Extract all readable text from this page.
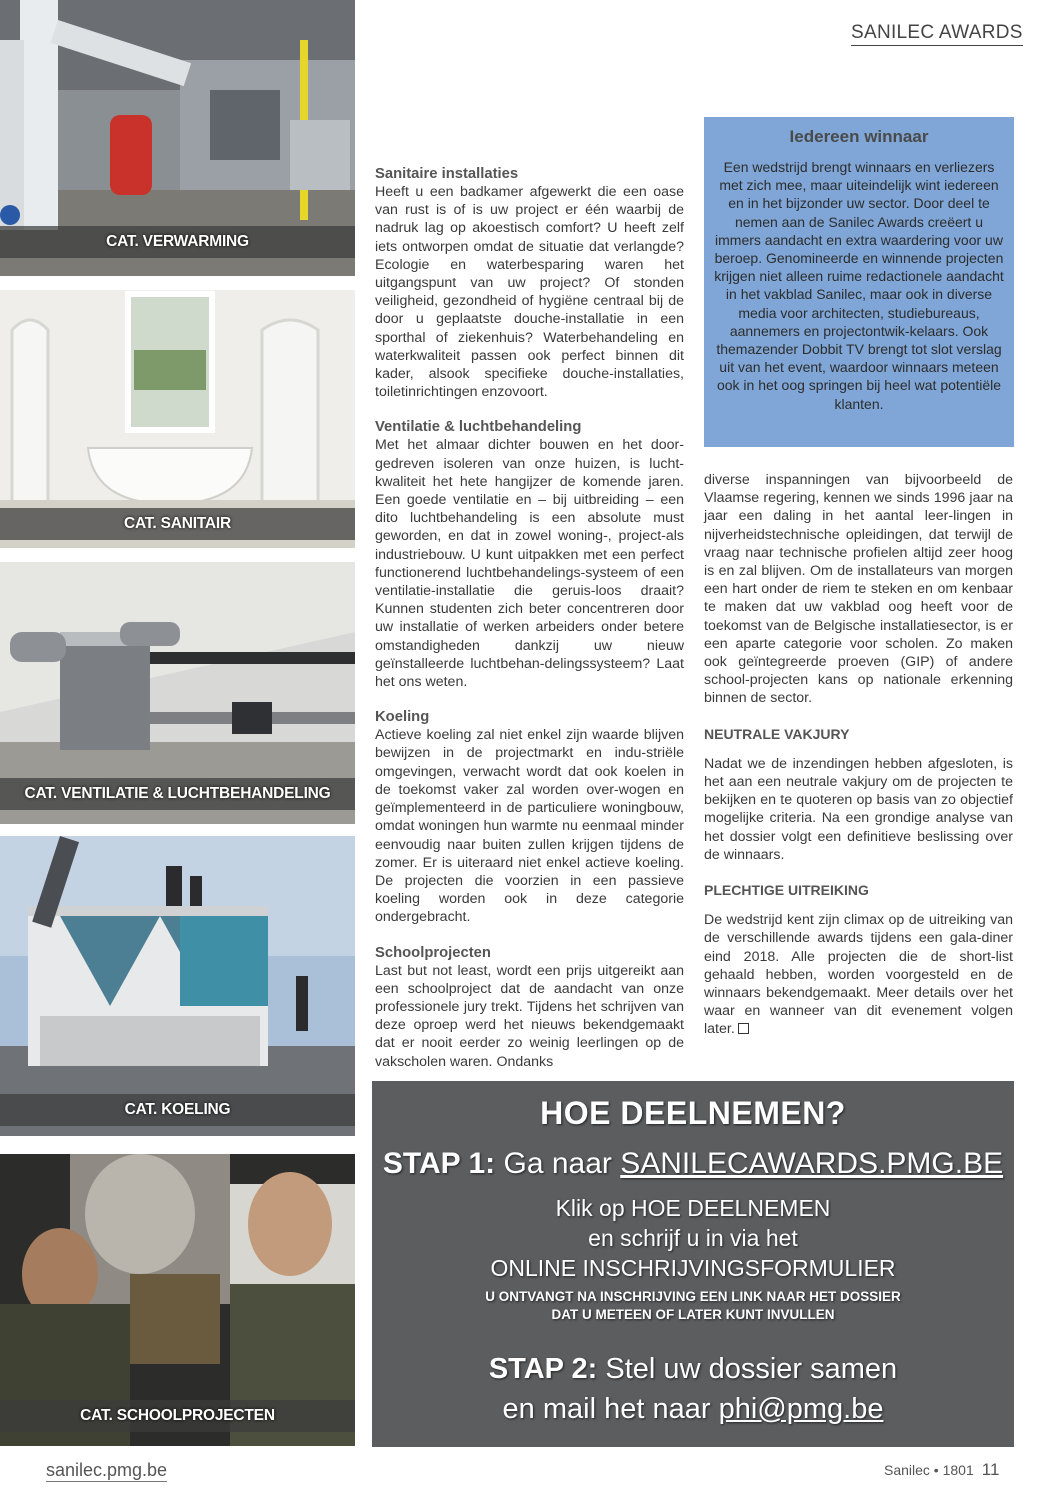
SANILEC AWARDS
CAT. VERWARMING
CAT. SANITAIR
CAT. VENTILATIE & LUCHTBEHANDELING
CAT. KOELING
CAT. SCHOOLPROJECTEN
Sanitaire installaties

Heeft u een badkamer afgewerkt die een oase van rust is of is uw project er één waarbij de nadruk lag op akoestisch comfort? U heeft zelf iets ontworpen omdat de situatie dat verlangde? Ecologie en waterbesparing waren het uitgangspunt van uw project? Of stonden veiligheid, gezondheid of hygiëne centraal bij de door u geplaatste douche-installatie in een sporthal of ziekenhuis? Waterbehandeling en waterkwaliteit passen ook perfect binnen dit kader, alsook specifieke douche-installaties, toiletinrichtingen enzovoort.

Ventilatie & luchtbehandeling

Met het almaar dichter bouwen en het door-gedreven isoleren van onze huizen, is lucht-kwaliteit het hete hangijzer de komende jaren. Een goede ventilatie en – bij uitbreiding – een dito luchtbehandeling is een absolute must geworden, en dat in zowel woning-, project-als industriebouw. U kunt uitpakken met een perfect functionerend luchtbehandelings-systeem of een ventilatie-installatie die geruis-loos draait? Kunnen studenten zich beter concentreren door uw installatie of werken arbeiders onder betere omstandigheden dankzij uw nieuw geïnstalleerde luchtbehan-delingssysteem? Laat het ons weten.

Koeling

Actieve koeling zal niet enkel zijn waarde blijven bewijzen in de projectmarkt en indu-striële omgevingen, verwacht wordt dat ook koelen in de toekomst vaker zal worden over-wogen en geïmplementeerd in de particuliere woningbouw, omdat woningen hun warmte nu eenmaal minder eenvoudig naar buiten zullen krijgen tijdens de zomer. Er is uiteraard niet enkel actieve koeling. De projecten die voorzien in een passieve koeling worden ook in deze categorie ondergebracht.

Schoolprojecten

Last but not least, wordt een prijs uitgereikt aan een schoolproject dat de aandacht van onze professionele jury trekt. Tijdens het schrijven van deze oproep werd het nieuws bekendgemaakt dat er nooit eerder zo weinig leerlingen op de vakscholen waren. Ondanks

Iedereen winnaar
Een wedstrijd brengt winnaars en verliezers met zich mee, maar uiteindelijk wint iedereen en in het bijzonder uw sector. Door deel te nemen aan de Sanilec Awards creëert u immers aandacht en extra waardering voor uw beroep. Genomineerde en winnende projecten krijgen niet alleen ruime redactionele aandacht in het vakblad Sanilec, maar ook in diverse media voor architecten, studiebureaus, aannemers en projectontwik-kelaars. Ook themazender Dobbit TV brengt tot slot verslag uit van het event, waardoor winnaars meteen ook in het oog springen bij heel wat potentiële klanten.

diverse inspanningen van bijvoorbeeld de Vlaamse regering, kennen we sinds 1996 jaar na jaar een daling in het aantal leer-lingen in nijverheidstechnische opleidingen, dat terwijl de vraag naar technische profielen altijd zeer hoog is en zal blijven. Om de installateurs van morgen een hart onder de riem te steken en om kenbaar te maken dat uw vakblad oog heeft voor de toekomst van de Belgische installatiesector, is er een aparte categorie voor scholen. Zo maken ook geïntegreerde proeven (GIP) of andere school-projecten kans op nationale erkenning binnen de sector.

NEUTRALE VAKJURY

Nadat we de inzendingen hebben afgesloten, is het aan een neutrale vakjury om de projecten te bekijken en te quoteren op basis van zo objectief mogelijke criteria. Na een grondige analyse van het dossier volgt een definitieve beslissing over de winnaars.

PLECHTIGE UITREIKING

De wedstrijd kent zijn climax op de uitreiking van de verschillende awards tijdens een gala-diner eind 2018. Alle projecten die de short-list gehaald hebben, worden voorgesteld en de winnaars bekendgemaakt. Meer details over het waar en wanneer van dit evenement volgen later.

HOE DEELNEMEN?
STAP 1: Ga naar SANILECAWARDS.PMG.BE
Klik op HOE DEELNEMEN
en schrijf u in via het
ONLINE INSCHRIJVINGSFORMULIER
U ONTVANGT NA INSCHRIJVING EEN LINK NAAR HET DOSSIER
DAT U METEEN OF LATER KUNT INVULLEN
STAP 2: Stel uw dossier samen
en mail het naar phi@pmg.be
sanilec.pmg.be	Sanilec • 1801 11
